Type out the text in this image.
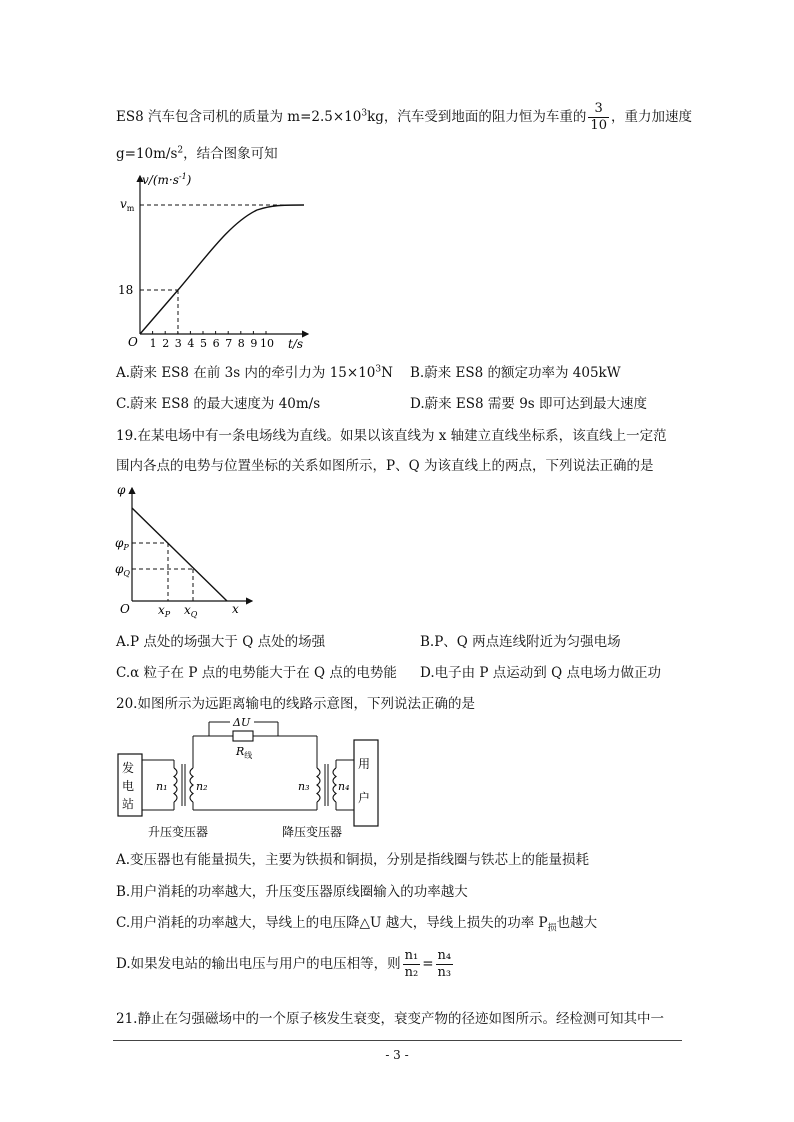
ES8 汽车包含司机的质量为 $m=2.5\times 10^3kg$，汽车受到地面的阻力恒为车重的 $\frac{3}{10}$ ，重力加速度
$g=10m/s^2$，结合图象可知
$v/(m\cdot s^{-1})$
$v_m$
18
O 1 2 3 4 5 6 7 8 9 10 t/s
A.蔚来 ES8 在前 3s 内的牵引力为 $15\times 10^3N$ B.蔚来 ES8 的额定功率为 405kW
C.蔚来 ES8 的最大速度为 40m/s	D.蔚来 ES8 需要 9s 即可达到最大速度
19.在某电场中有一条电场线为直线。如果以该直线为 x 轴建立直线坐标系，该直线上一定范
围内各点的电势与位置坐标的关系如图所示，P、Q 为该直线上的两点，下列说法正确的是
φ
$\varphi_P$
$\varphi_Q$
O $x_P$ $x_Q$	x
A.P 点处的场强大于 Q 点处的场强	B.P、Q 两点连线附近为匀强电场
C.α 粒子在 P 点的电势能大于在 Q 点的电势能 D.电子由 P 点运动到 Q 点电场力做正功
20.如图所示为远距离输电的线路示意图，下列说法正确的是
发
电
站
n₁	n₂
ΔU
$R_线$
n₃	n₄
用
户
升压变压器	降压变压器
A.变压器也有能量损失，主要为铁损和铜损，分别是指线圈与铁芯上的能量损耗
B.用户消耗的功率越大，升压变压器原线圈输入的功率越大
C.用户消耗的功率越大，导线上的电压降△U 越大，导线上损失的功率 $P_损$也越大
D.如果发电站的输出电压与用户的电压相等，则 $\frac{\text{n₁}}{\text{n₂}} = \frac{\text{n₄}}{\text{n₃}}$
21.静止在匀强磁场中的一个原子核发生衰变，衰变产物的径迹如图所示。经检测可知其中一
- 3 -
